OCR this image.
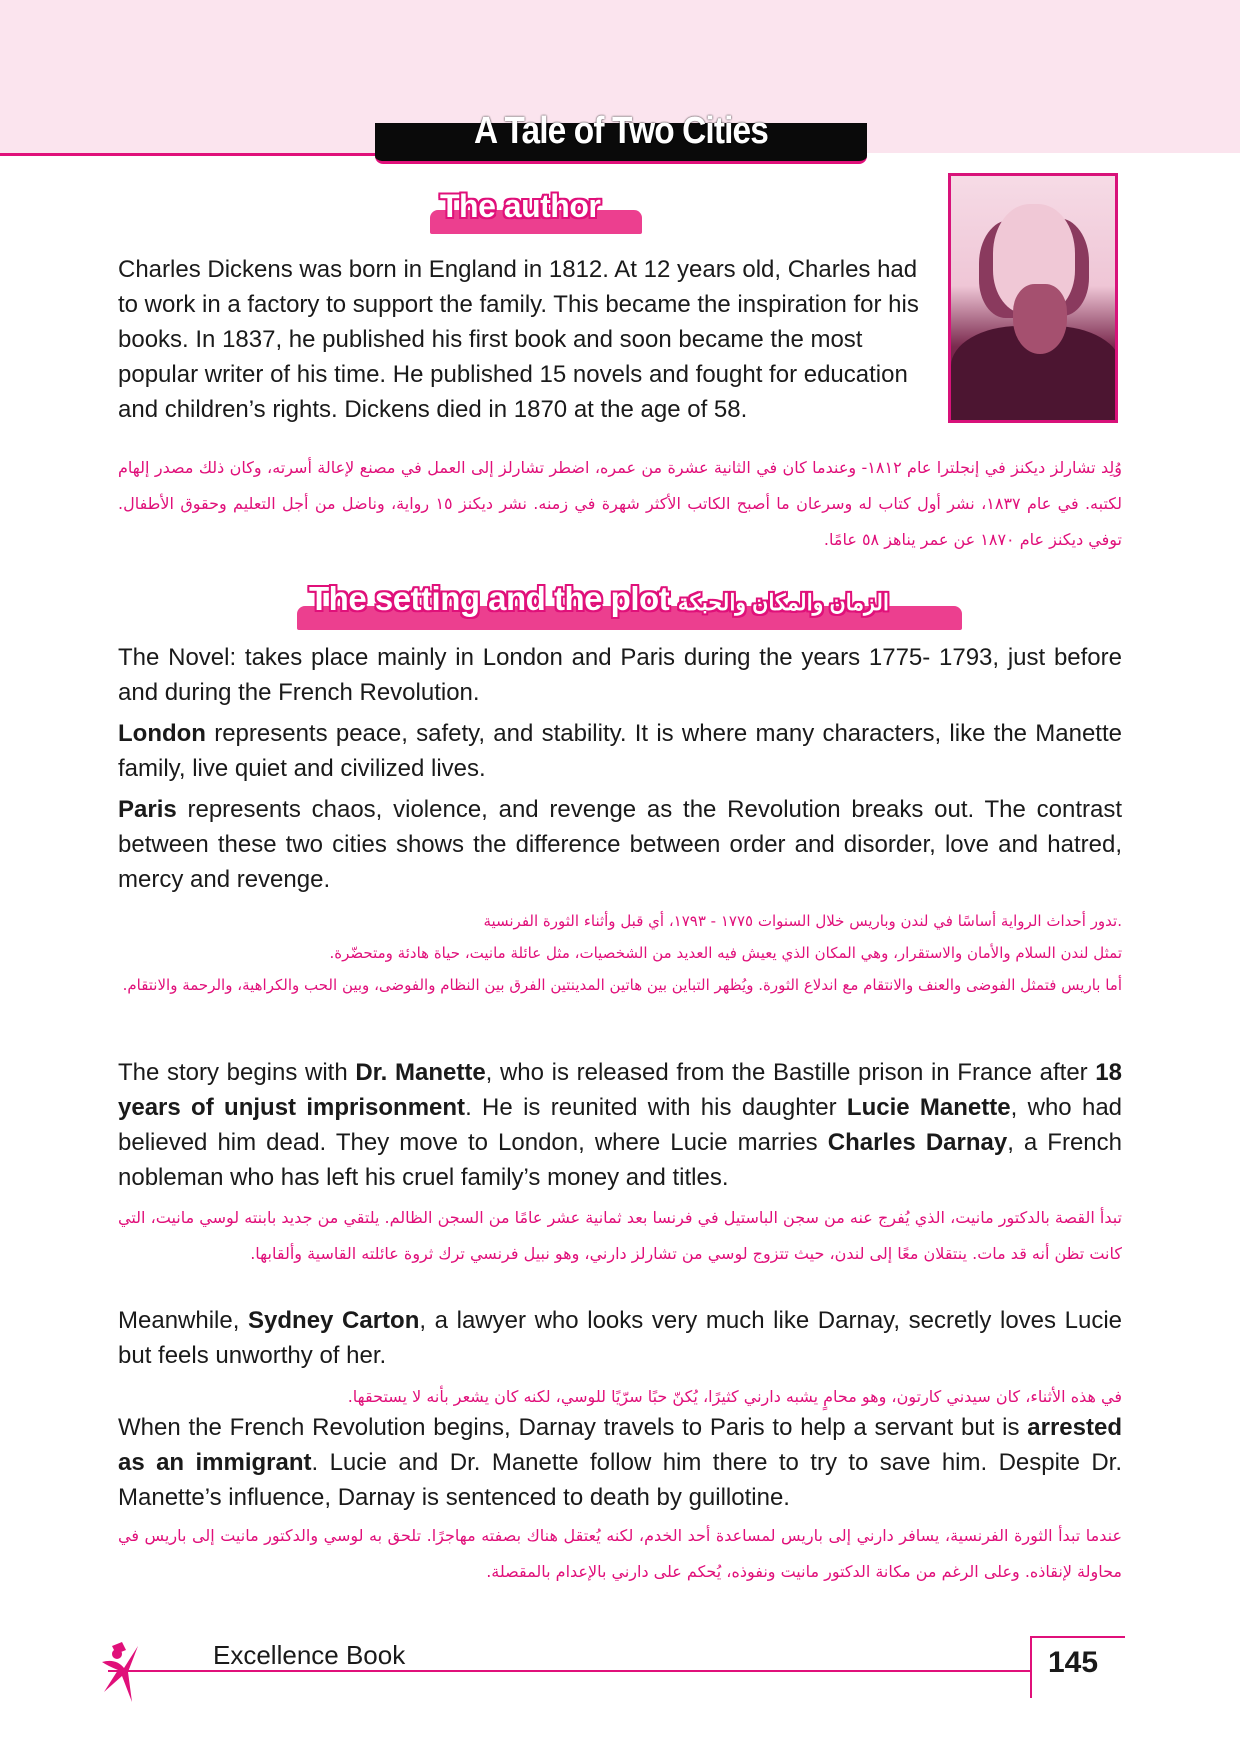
A Tale of Two Cities
The author

Charles Dickens was born in England in 1812. At 12 years old, Charles had to work in a factory to support the family. This became the inspiration for his books. In 1837, he published his first book and soon became the most popular writer of his time. He published 15 novels and fought for education and children’s rights. Dickens died in 1870 at the age of 58.

وُلِد تشارلز ديكنز في إنجلترا عام ١٨١٢- وعندما كان في الثانية عشرة من عمره، اضطر تشارلز إلى العمل في مصنع لإعالة أسرته، وكان ذلك مصدر إلهام لكتبه. في عام ١٨٣٧، نشر أول كتاب له وسرعان ما أصبح الكاتب الأكثر شهرة في زمنه. نشر ديكنز ١٥ رواية، وناضل من أجل التعليم وحقوق الأطفال. توفي ديكنز عام ١٨٧٠ عن عمر يناهز ٥٨ عامًا.

The setting and the plot الزمان والمكان والحبكة

The Novel: takes place mainly in London and Paris during the years 1775- 1793, just before and during the French Revolution.

London represents peace, safety, and stability. It is where many characters, like the Manette family, live quiet and civilized lives.

Paris represents chaos, violence, and revenge as the Revolution breaks out. The contrast between these two cities shows the difference between order and disorder, love and hatred, mercy and revenge.

.تدور أحداث الرواية أساسًا في لندن وباريس خلال السنوات ١٧٧٥ - ١٧٩٣، أي قبل وأثناء الثورة الفرنسية

تمثل لندن السلام والأمان والاستقرار، وهي المكان الذي يعيش فيه العديد من الشخصيات، مثل عائلة مانيت، حياة هادئة ومتحضّرة.

أما باريس فتمثل الفوضى والعنف والانتقام مع اندلاع الثورة. ويُظهر التباين بين هاتين المدينتين الفرق بين النظام والفوضى، وبين الحب والكراهية، والرحمة والانتقام.

The story begins with Dr. Manette, who is released from the Bastille prison in France after 18 years of unjust imprisonment. He is reunited with his daughter Lucie Manette, who had believed him dead. They move to London, where Lucie marries Charles Darnay, a French nobleman who has left his cruel family’s money and titles.

تبدأ القصة بالدكتور مانيت، الذي يُفرج عنه من سجن الباستيل في فرنسا بعد ثمانية عشر عامًا من السجن الظالم. يلتقي من جديد بابنته لوسي مانيت، التي كانت تظن أنه قد مات. ينتقلان معًا إلى لندن، حيث تتزوج لوسي من تشارلز دارني، وهو نبيل فرنسي ترك ثروة عائلته القاسية وألقابها.

Meanwhile, Sydney Carton, a lawyer who looks very much like Darnay, secretly loves Lucie but feels unworthy of her.

في هذه الأثناء، كان سيدني كارتون، وهو محامٍ يشبه دارني كثيرًا، يُكنّ حبًا سرّيًا للوسي، لكنه كان يشعر بأنه لا يستحقها.

When the French Revolution begins, Darnay travels to Paris to help a servant but is arrested as an immigrant. Lucie and Dr. Manette follow him there to try to save him. Despite Dr. Manette’s influence, Darnay is sentenced to death by guillotine.

عندما تبدأ الثورة الفرنسية، يسافر دارني إلى باريس لمساعدة أحد الخدم، لكنه يُعتقل هناك بصفته مهاجرًا. تلحق به لوسي والدكتور مانيت إلى باريس في محاولة لإنقاذه. وعلى الرغم من مكانة الدكتور مانيت ونفوذه، يُحكم على دارني بالإعدام بالمقصلة.

Excellence Book	145
